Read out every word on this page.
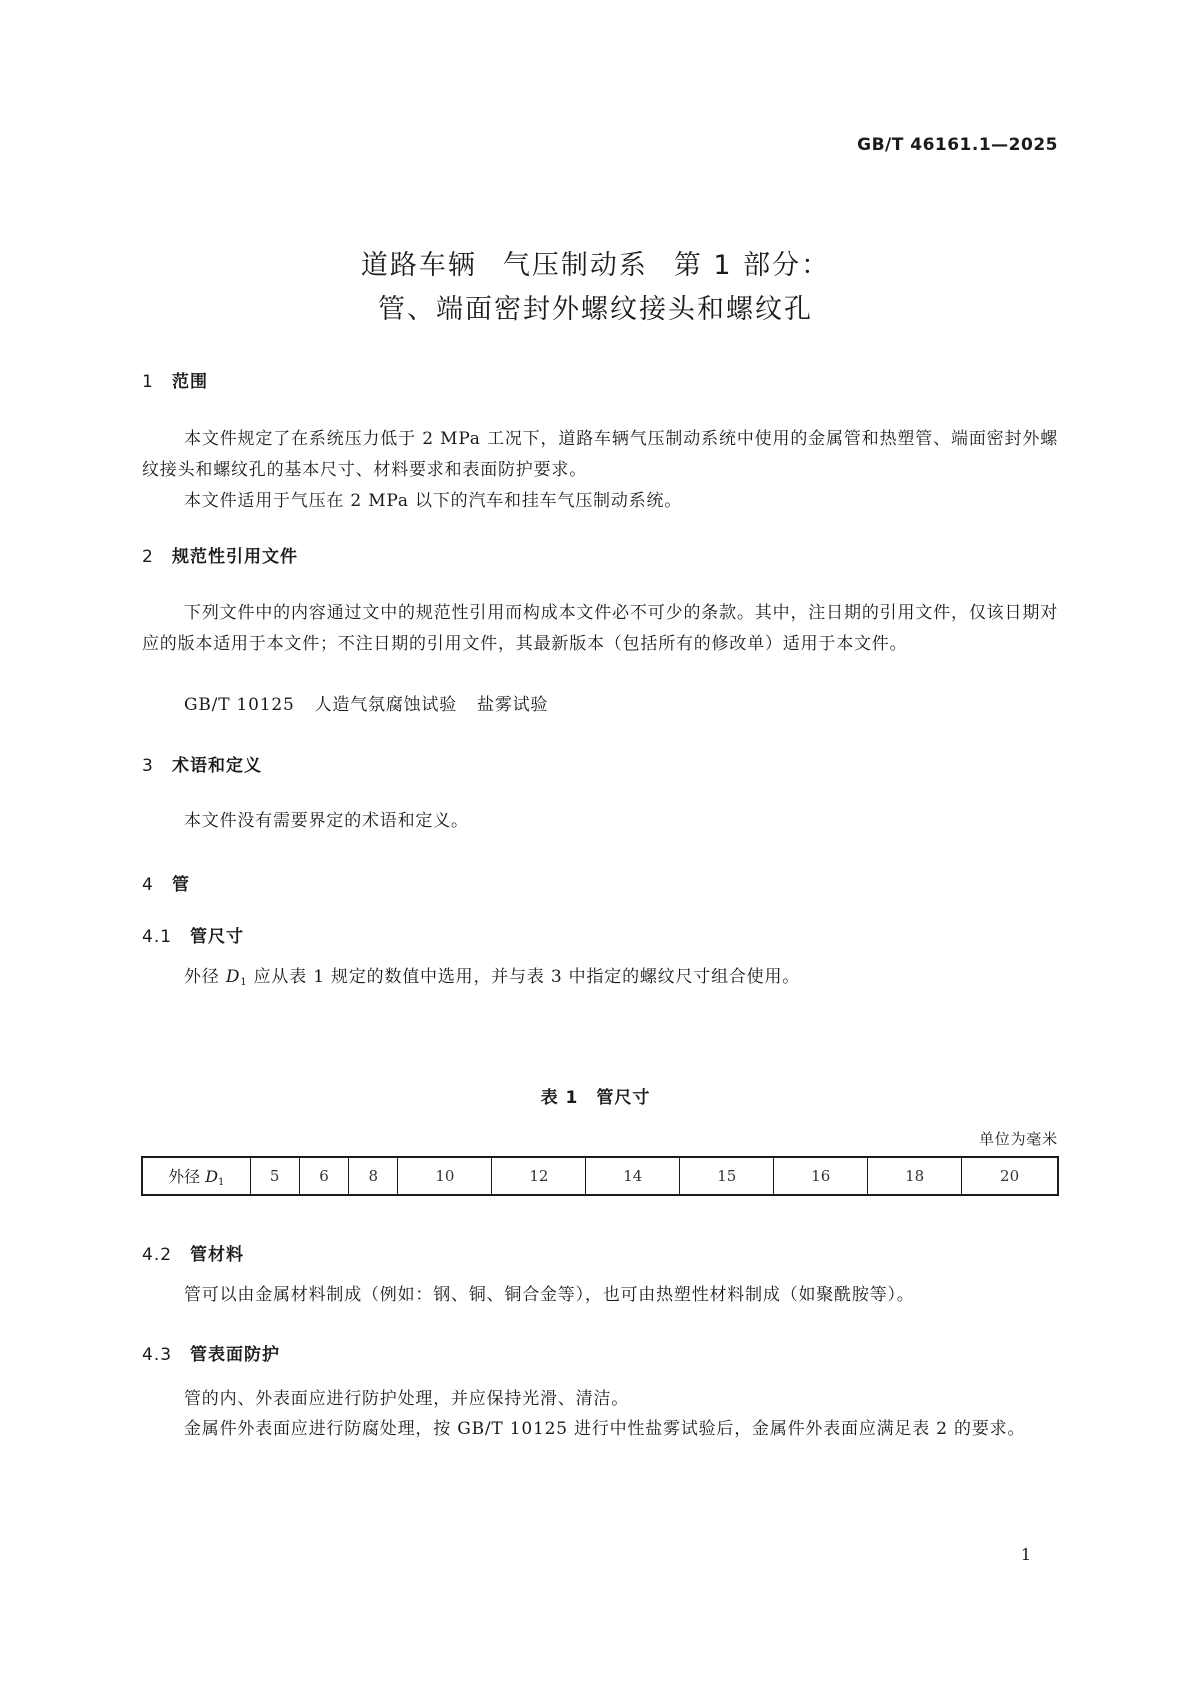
GB/T 46161.1—2025
道路车辆 气压制动系 第 1 部分：
管、端面密封外螺纹接头和螺纹孔
1 范围

本文件规定了在系统压力低于 2 MPa 工况下，道路车辆气压制动系统中使用的金属管和热塑管、端面密封外螺纹接头和螺纹孔的基本尺寸、材料要求和表面防护要求。

本文件适用于气压在 2 MPa 以下的汽车和挂车气压制动系统。

2 规范性引用文件

下列文件中的内容通过文中的规范性引用而构成本文件必不可少的条款。其中，注日期的引用文件，仅该日期对应的版本适用于本文件；不注日期的引用文件，其最新版本（包括所有的修改单）适用于本文件。

GB/T 10125 人造气氛腐蚀试验 盐雾试验
3 术语和定义

本文件没有需要界定的术语和定义。

4 管
4.1 管尺寸

外径 $D_1$ 应从表 1 规定的数值中选用，并与表 3 中指定的螺纹尺寸组合使用。

表 1 管尺寸
单位为毫米
外径 $D_1$	5	6	8	10	12	14	15	16	18	20
4.2 管材料

管可以由金属材料制成（例如：钢、铜、铜合金等），也可由热塑性材料制成（如聚酰胺等）。

4.3 管表面防护

管的内、外表面应进行防护处理，并应保持光滑、清洁。

金属件外表面应进行防腐处理，按 GB/T 10125 进行中性盐雾试验后，金属件外表面应满足表 2 的要求。

1
